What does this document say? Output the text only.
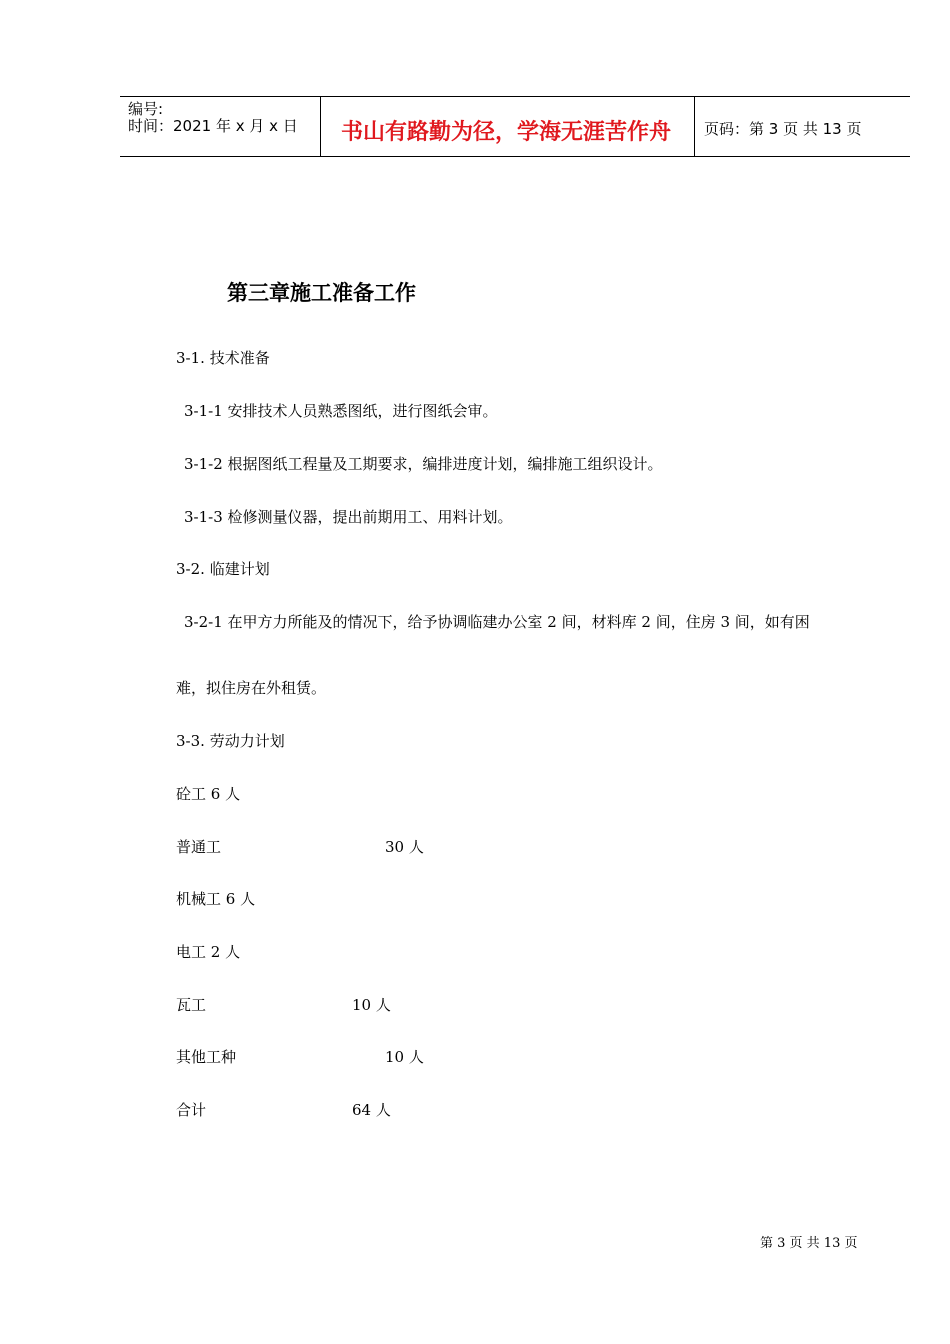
编号:
时间：2021 年 x 月 x 日 书山有路勤为径，学海无涯苦作舟 页码：第 3 页 共 13 页
第三章施工准备工作
3-1. 技术准备
3-1-1 安排技术人员熟悉图纸，进行图纸会审。
3-1-2 根据图纸工程量及工期要求，编排进度计划，编排施工组织设计。
3-1-3 检修测量仪器，提出前期用工、用料计划。
3-2. 临建计划
3-2-1 在甲方力所能及的情况下，给予协调临建办公室 2 间，材料库 2 间，住房 3 间，如有困
难，拟住房在外租赁。
3-3. 劳动力计划
砼工 6 人
普通工	30 人
机械工 6 人
电工 2 人
瓦工	10 人
其他工种	10 人
合计	64 人
第 3 页 共 13 页
